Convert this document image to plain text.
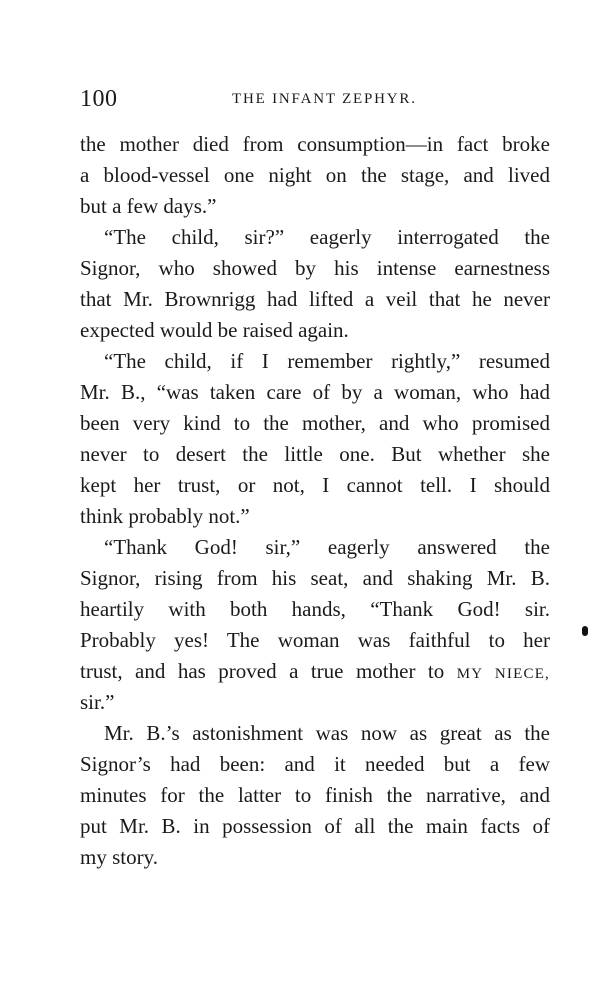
100	THE INFANT ZEPHYR.
the mother died from consumption—in fact broke
a blood-vessel one night on the stage, and lived
but a few days.”
“The child, sir?” eagerly interrogated the
Signor, who showed by his intense earnestness
that Mr. Brownrigg had lifted a veil that he never
expected would be raised again.
“The child, if I remember rightly,” resumed
Mr. B., “was taken care of by a woman, who had
been very kind to the mother, and who promised
never to desert the little one. But whether she
kept her trust, or not, I cannot tell. I should
think probably not.”
“Thank God! sir,” eagerly answered the
Signor, rising from his seat, and shaking Mr. B.
heartily with both hands, “Thank God! sir.
Probably yes! The woman was faithful to her
trust, and has proved a true mother to MY NIECE,
sir.”
Mr. B.’s astonishment was now as great as the
Signor’s had been: and it needed but a few
minutes for the latter to finish the narrative, and
put Mr. B. in possession of all the main facts of
my story.
